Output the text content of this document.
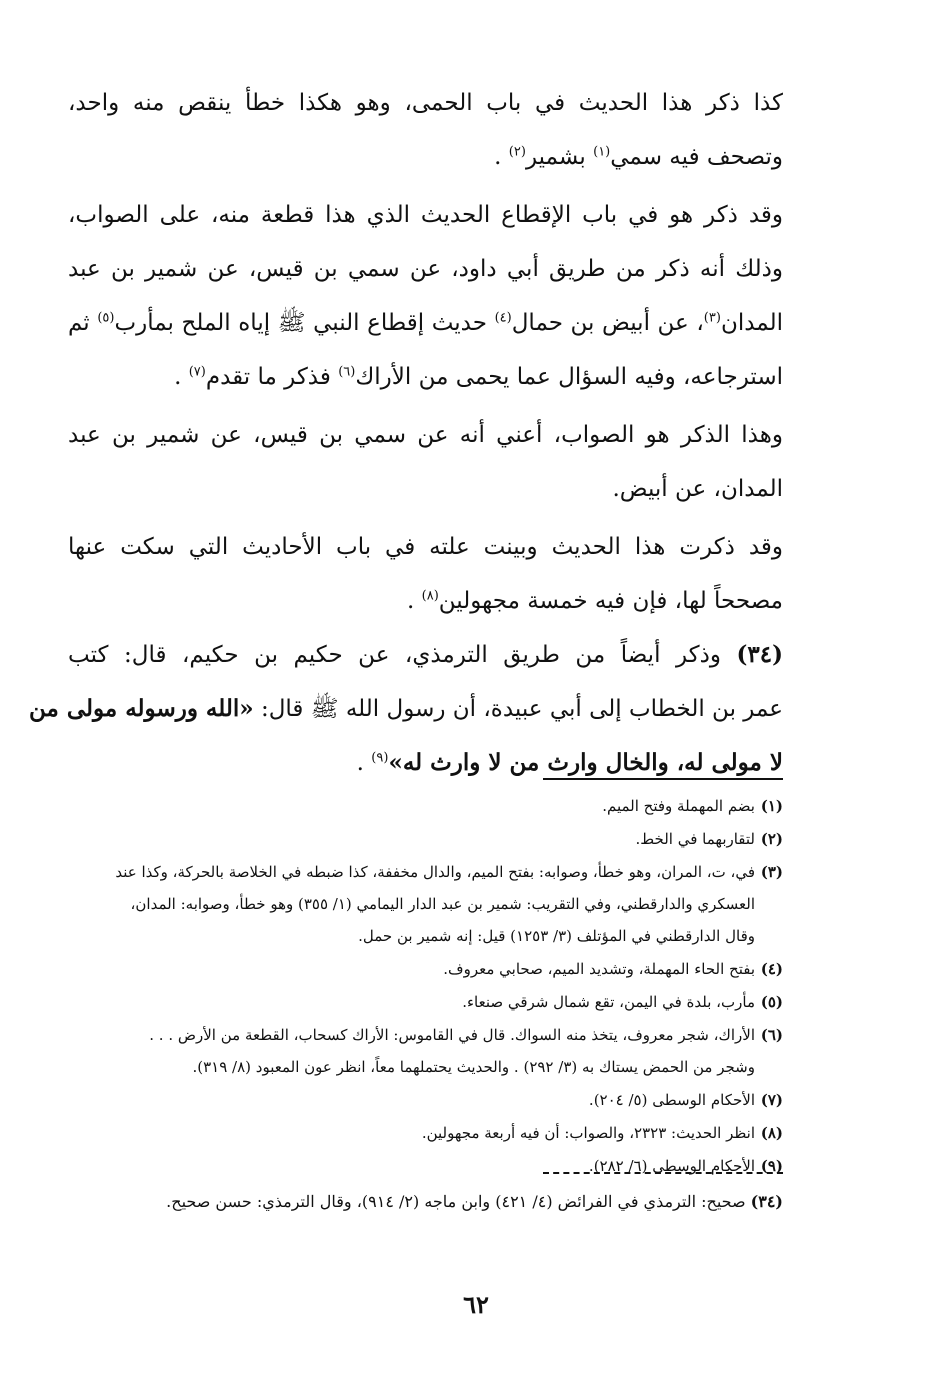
كذا ذكر هذا الحديث في باب الحمى، وهو هكذا خطأ ينقص منه واحد،
وتصحف فيه سمي$^{(١)}$ بشمير$^{(٢)}$ .
وقد ذكر هو في باب الإقطاع الحديث الذي هذا قطعة منه، على الصواب،
وذلك أنه ذكر من طريق أبي داود، عن سمي بن قيس، عن شمير بن عبد
المدان$^{(٣)}$، عن أبيض بن حمال$^{(٤)}$ حديث إقطاع النبي ﷺ إياه الملح بمأرب$^{(٥)}$ ثم
استرجاعه، وفيه السؤال عما يحمى من الأراك$^{(٦)}$ فذكر ما تقدم$^{(٧)}$ .
وهذا الذكر هو الصواب، أعني أنه عن سمي بن قيس، عن شمير بن عبد
المدان، عن أبيض.
وقد ذكرت هذا الحديث وبينت علته في باب الأحاديث التي سكت عنها
مصححاً لها، فإن فيه خمسة مجهولين$^{(٨)}$ .
(٣٤) وذكر أيضاً من طريق الترمذي، عن حكيم بن حكيم، قال: كتب
عمر بن الخطاب إلى أبي عبيدة، أن رسول الله ﷺ قال: «الله ورسوله مولى من
لا مولى له، والخال وارث من لا وارث له»$^{(٩)}$ .
(١)بضم المهملة وفتح الميم.
(٢)لتقاربهما في الخط.
(٣)في، ت، المران، وهو خطأ، وصوابه: بفتح الميم، والدال مخففة، كذا ضبطه في الخلاصة بالحركة، وكذا عند
العسكري والدارقطني، وفي التقريب: شمير بن عبد الدار اليمامي (١/ ٣٥٥) وهو خطأ، وصوابه: المدان،
وقال الدارقطني في المؤتلف (٣/ ١٢٥٣) قيل: إنه شمير بن حمل.
(٤)بفتح الحاء المهملة، وتشديد الميم، صحابي معروف.
(٥)مأرب، بلدة في اليمن، تقع شمال شرقي صنعاء.
(٦)الأراك، شجر معروف، يتخذ منه السواك. قال في القاموس: الأراك كسحاب، القطعة من الأرض . . .
وشجر من الحمض يستاك به (٣/ ٢٩٢) . والحديث يحتملهما معاً، انظر عون المعبود (٨/ ٣١٩).
(٧)الأحكام الوسطى (٥/ ٢٠٤).
(٨)انظر الحديث: ٢٣٢٣، والصواب: أن فيه أربعة مجهولين.
(٩)الأحكام الوسطى (٦/ ٢٨٢).
(٣٤) صحيح: الترمذي في الفرائض (٤/ ٤٢١) وابن ماجه (٢/ ٩١٤)، وقال الترمذي: حسن صحيح.
٦٢
